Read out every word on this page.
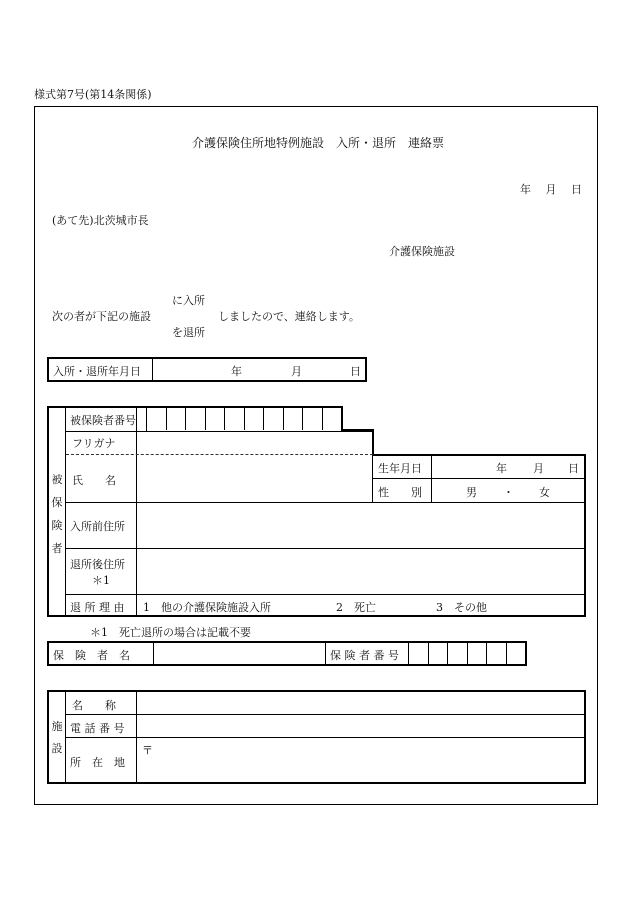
様式第7号(第14条関係)
介護保険住所地特例施設　入所・退所　連絡票
年　 月　 日
(あて先)北茨城市長
介護保険施設
次の者が下記の施設
に入所
を退所
しましたので、連絡します。
入所・退所年月日	年	月	日
被
保
険
者
被保険者番号
フリガナ
氏　　名
生年月日	年 月 日
性　　別	男 ・ 女
入所前住所
退所後住所
＊1
退 所 理 由 1　他の介護保険施設入所	2　死亡	3　その他
＊1　死亡退所の場合は記載不要
保　険　者　名	保 険 者 番 号
施
設
名　　称
電 話 番 号
所　在　地
〒
